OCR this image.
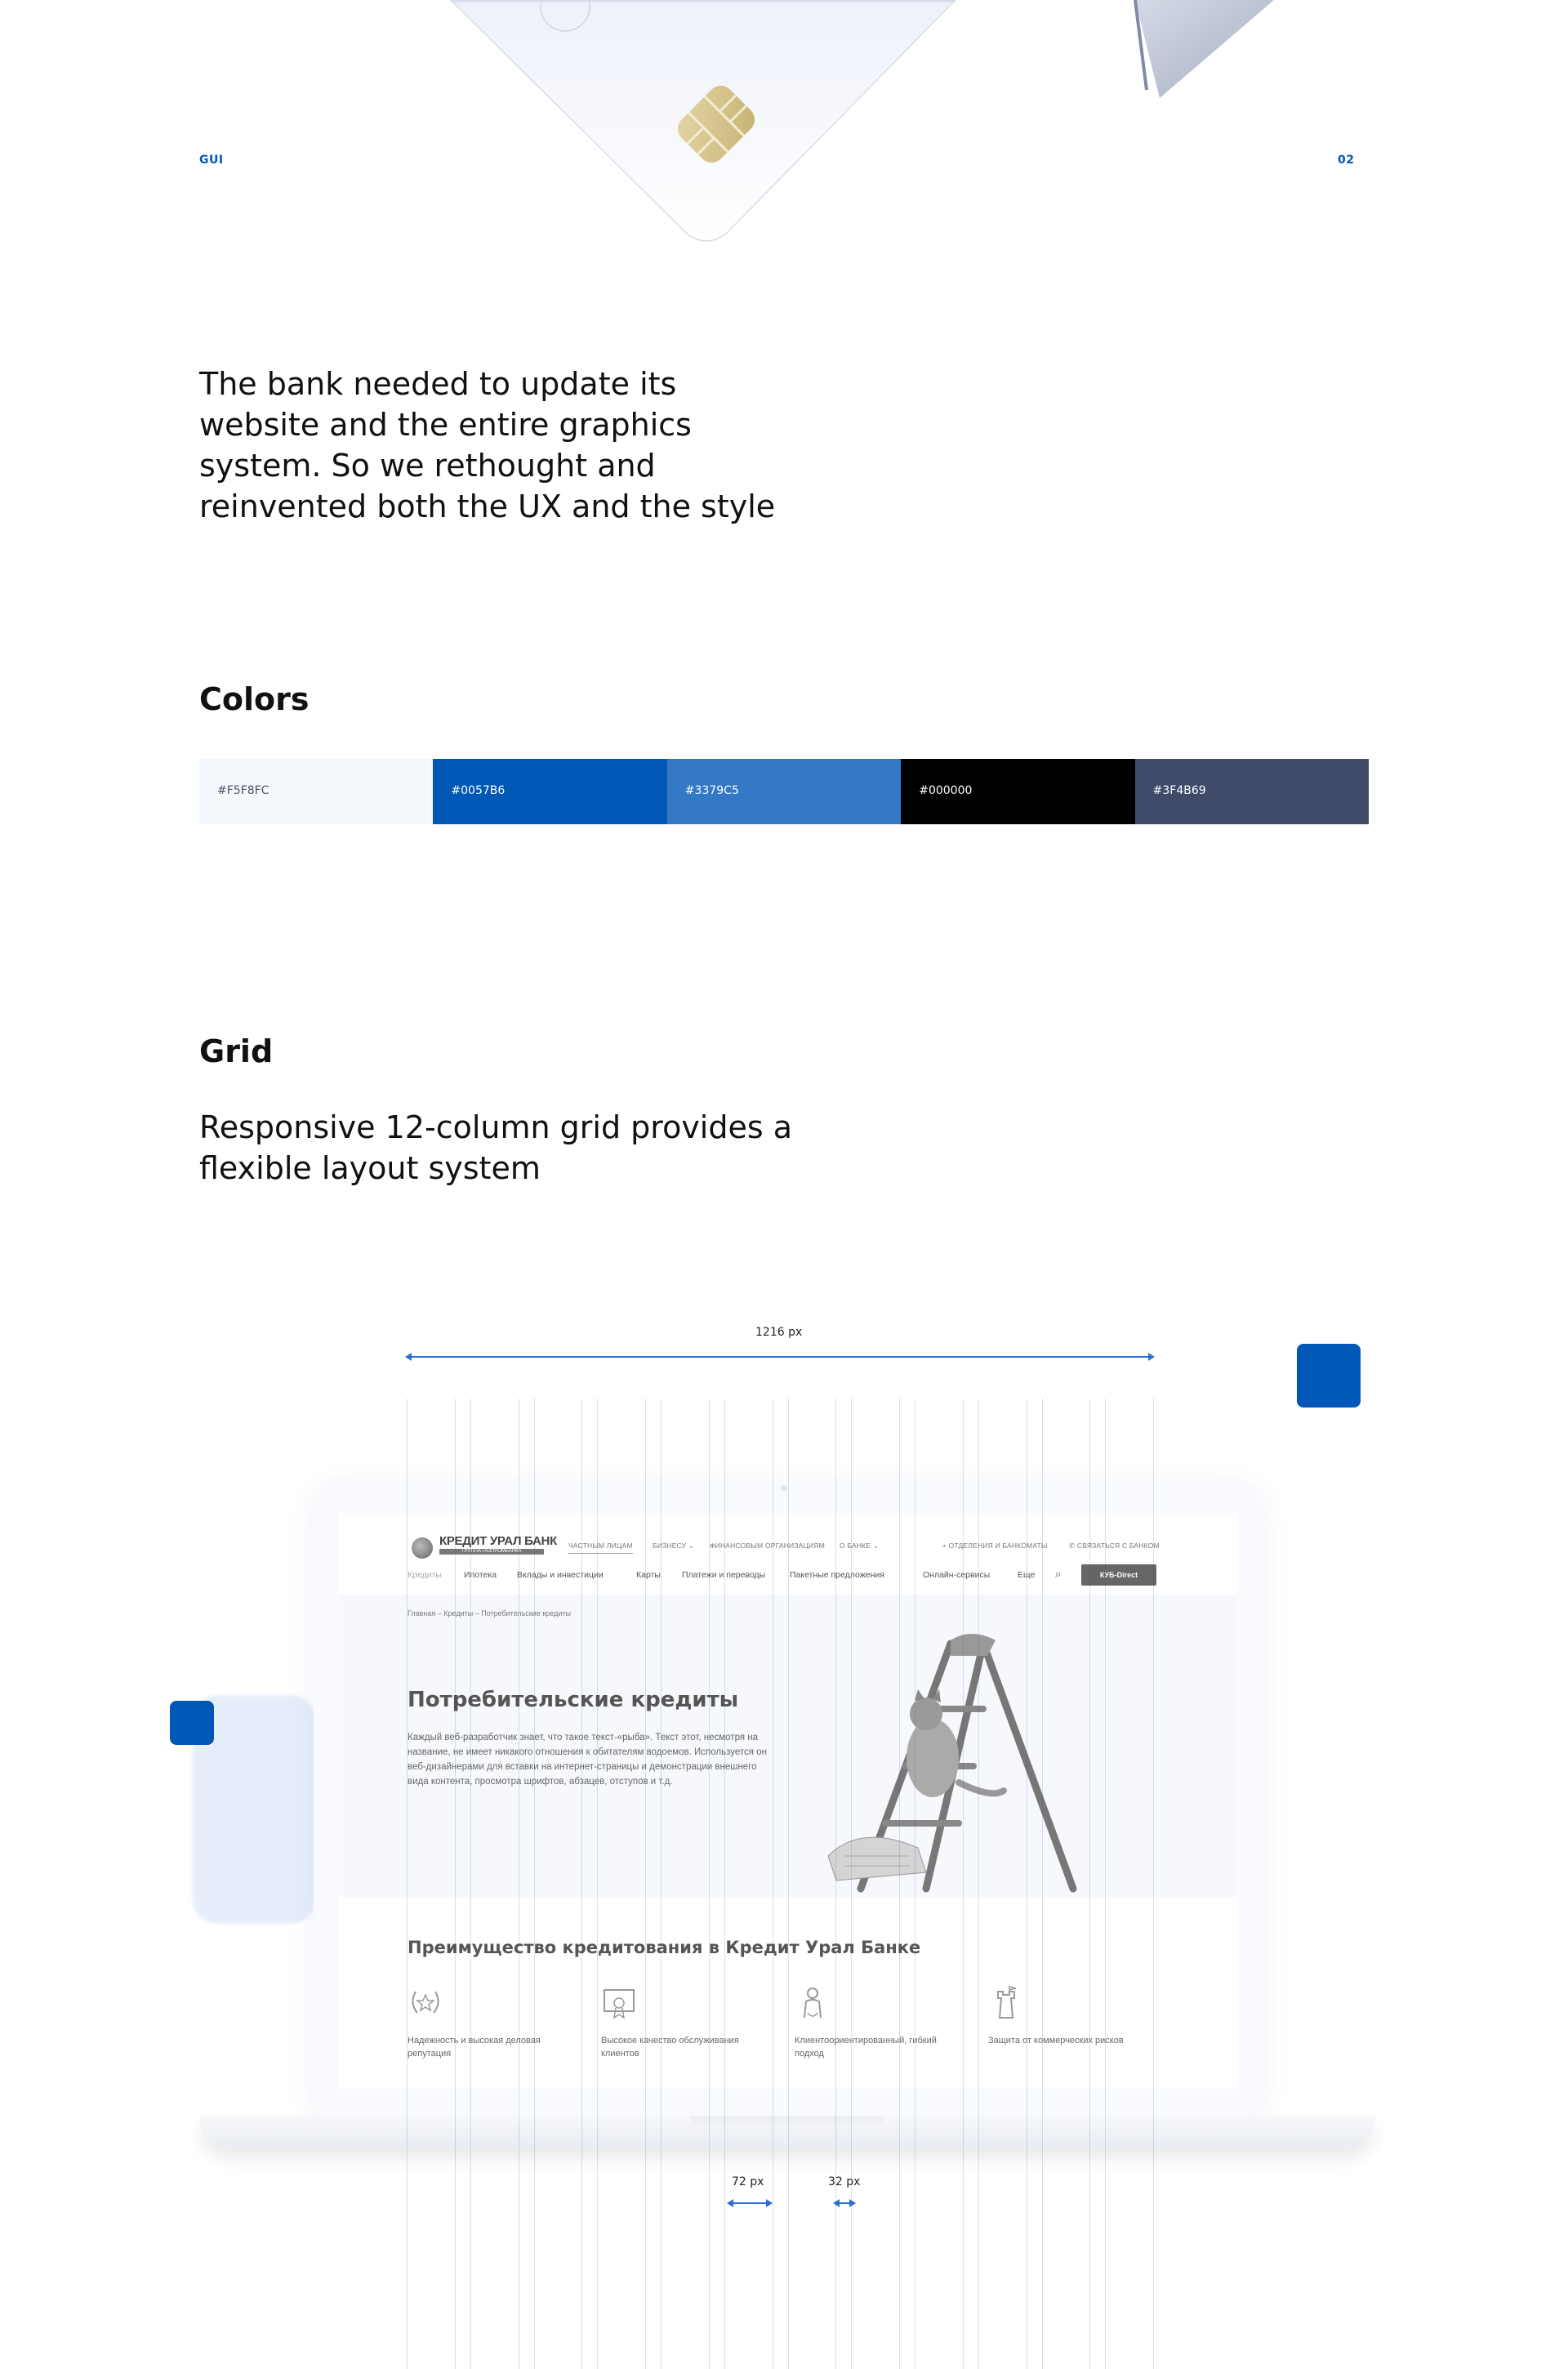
GUI	02
The bank needed to update its website and the entire graphics system. So we rethought and reinvented both the UX and the style
Colors
#F5F8FC	#0057B6	#3379C5	#000000	#3F4B69
Grid
Responsive 12-column grid provides a flexible layout system
1216 px
КРЕДИТ УРАЛ БАНК
ГРУППА ГАЗПРОМБАНКА
ЧАСТНЫМ ЛИЦАМ	БИЗНЕСУ ⌄ ФИНАНСОВЫМ ОРГАНИЗАЦИЯМ О БАНКЕ ⌄	⌖ ОТДЕЛЕНИЯ И БАНКОМАТЫ	✆ СВЯЗАТЬСЯ С БАНКОМ
Кредиты	Ипотека Вклады и инвестиции	Карты Платежи и переводы	Пакетные предложения	Онлайн-сервисы	Еще ⌕	КУБ-Direct
Главная – Кредиты – Потребительские кредиты
Потребительские кредиты
Каждый веб-разработчик знает, что такое текст-«рыба». Текст этот, несмотря на название, не имеет никакого отношения к обитателям водоемов. Используется он веб-дизайнерами для вставки на интернет-страницы и демонстрации внешнего вида контента, просмотра шрифтов, абзацев, отступов и т.д.
Преимущество кредитования в Кредит Урал Банке
Надежность и высокая деловая репутация
Высокое качество обслуживания клиентов
Клиентоориентированный, гибкий подход
Защита от коммерческих рисков
72 px	32 px
